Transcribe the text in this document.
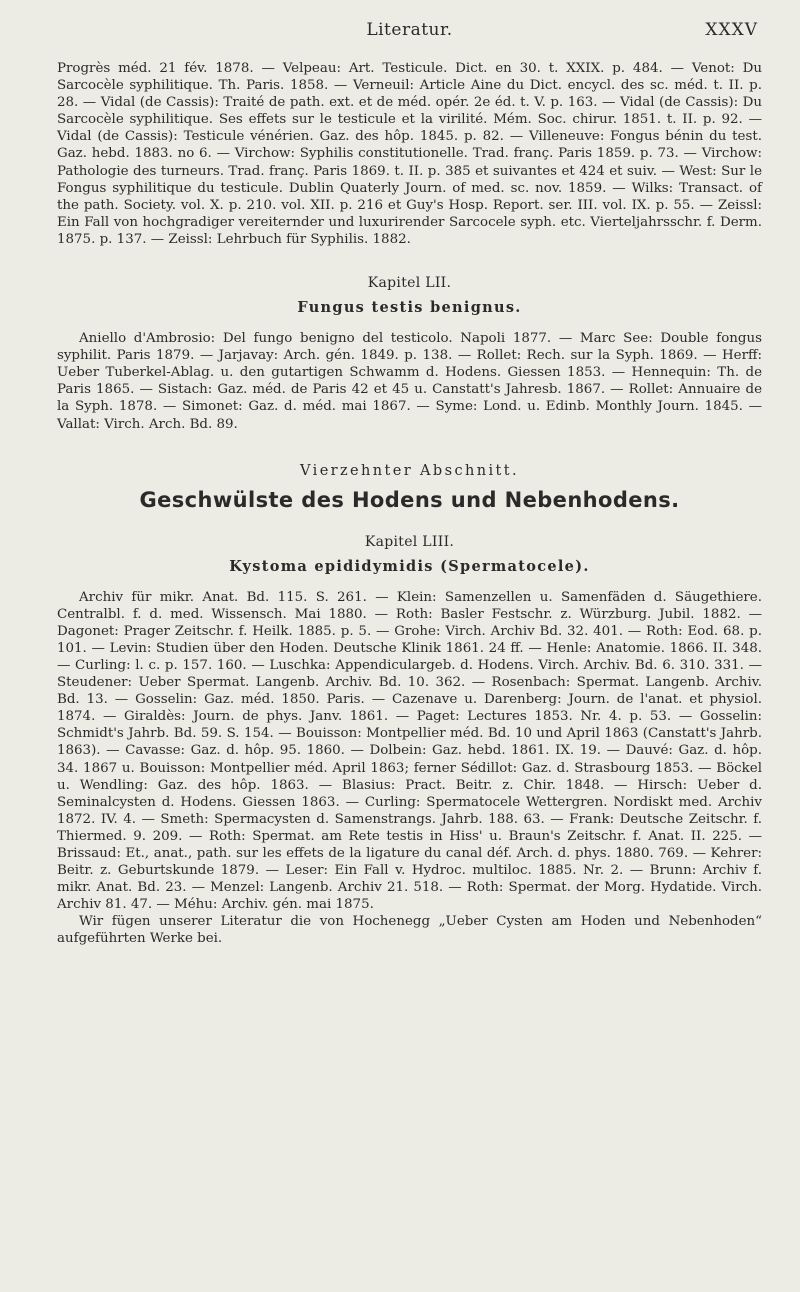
Literatur.	XXXV

Progrès méd. 21 fév. 1878. — Velpeau: Art. Testicule. Dict. en 30. t. XXIX. p. 484. — Venot: Du Sarcocèle syphilitique. Th. Paris. 1858. — Verneuil: Article Aine du Dict. encycl. des sc. méd. t. II. p. 28. — Vidal (de Cassis): Traité de path. ext. et de méd. opér. 2e éd. t. V. p. 163. — Vidal (de Cassis): Du Sarcocèle syphilitique. Ses effets sur le testicule et la virilité. Mém. Soc. chirur. 1851. t. II. p. 92. — Vidal (de Cassis): Testicule vénérien. Gaz. des hôp. 1845. p. 82. — Villeneuve: Fongus bénin du test. Gaz. hebd. 1883. no 6. — Virchow: Syphilis constitutionelle. Trad. franç. Paris 1859. p. 73. — Virchow: Pathologie des turneurs. Trad. franç. Paris 1869. t. II. p. 385 et suivantes et 424 et suiv. — West: Sur le Fongus syphilitique du testicule. Dublin Quaterly Journ. of med. sc. nov. 1859. — Wilks: Transact. of the path. Society. vol. X. p. 210. vol. XII. p. 216 et Guy's Hosp. Report. ser. III. vol. IX. p. 55. — Zeissl: Ein Fall von hochgradiger vereiternder und luxurirender Sarcocele syph. etc. Vierteljahrsschr. f. Derm. 1875. p. 137. — Zeissl: Lehrbuch für Syphilis. 1882.

Kapitel LII.
Fungus testis benignus.

Aniello d'Ambrosio: Del fungo benigno del testicolo. Napoli 1877. — Marc See: Double fongus syphilit. Paris 1879. — Jarjavay: Arch. gén. 1849. p. 138. — Rollet: Rech. sur la Syph. 1869. — Herff: Ueber Tuberkel-Ablag. u. den gutartigen Schwamm d. Hodens. Giessen 1853. — Hennequin: Th. de Paris 1865. — Sistach: Gaz. méd. de Paris 42 et 45 u. Canstatt's Jahresb. 1867. — Rollet: Annuaire de la Syph. 1878. — Simonet: Gaz. d. méd. mai 1867. — Syme: Lond. u. Edinb. Monthly Journ. 1845. — Vallat: Virch. Arch. Bd. 89.

Vierzehnter Abschnitt.
Geschwülste des Hodens und Nebenhodens.
Kapitel LIII.
Kystoma epididymidis (Spermatocele).

Archiv für mikr. Anat. Bd. 115. S. 261. — Klein: Samenzellen u. Samenfäden d. Säugethiere. Centralbl. f. d. med. Wissensch. Mai 1880. — Roth: Basler Festschr. z. Würzburg. Jubil. 1882. — Dagonet: Prager Zeitschr. f. Heilk. 1885. p. 5. — Grohe: Virch. Archiv Bd. 32. 401. — Roth: Eod. 68. p. 101. — Levin: Studien über den Hoden. Deutsche Klinik 1861. 24 ff. — Henle: Anatomie. 1866. II. 348. — Curling: l. c. p. 157. 160. — Luschka: Appendiculargeb. d. Hodens. Virch. Archiv. Bd. 6. 310. 331. — Steudener: Ueber Spermat. Langenb. Archiv. Bd. 10. 362. — Rosenbach: Spermat. Langenb. Archiv. Bd. 13. — Gosselin: Gaz. méd. 1850. Paris. — Cazenave u. Darenberg: Journ. de l'anat. et physiol. 1874. — Giraldès: Journ. de phys. Janv. 1861. — Paget: Lectures 1853. Nr. 4. p. 53. — Gosselin: Schmidt's Jahrb. Bd. 59. S. 154. — Bouisson: Montpellier méd. Bd. 10 und April 1863 (Canstatt's Jahrb. 1863). — Cavasse: Gaz. d. hôp. 95. 1860. — Dolbein: Gaz. hebd. 1861. IX. 19. — Dauvé: Gaz. d. hôp. 34. 1867 u. Bouisson: Montpellier méd. April 1863; ferner Sédillot: Gaz. d. Strasbourg 1853. — Böckel u. Wendling: Gaz. des hôp. 1863. — Blasius: Pract. Beitr. z. Chir. 1848. — Hirsch: Ueber d. Seminalcysten d. Hodens. Giessen 1863. — Curling: Spermatocele Wettergren. Nordiskt med. Archiv 1872. IV. 4. — Smeth: Spermacysten d. Samenstrangs. Jahrb. 188. 63. — Frank: Deutsche Zeitschr. f. Thiermed. 9. 209. — Roth: Spermat. am Rete testis in Hiss' u. Braun's Zeitschr. f. Anat. II. 225. — Brissaud: Et., anat., path. sur les effets de la ligature du canal déf. Arch. d. phys. 1880. 769. — Kehrer: Beitr. z. Geburtskunde 1879. — Leser: Ein Fall v. Hydroc. multiloc. 1885. Nr. 2. — Brunn: Archiv f. mikr. Anat. Bd. 23. — Menzel: Langenb. Archiv 21. 518. — Roth: Spermat. der Morg. Hydatide. Virch. Archiv 81. 47. — Méhu: Archiv. gén. mai 1875.

Wir fügen unserer Literatur die von Hochenegg „Ueber Cysten am Hoden und Nebenhoden“ aufgeführten Werke bei.
